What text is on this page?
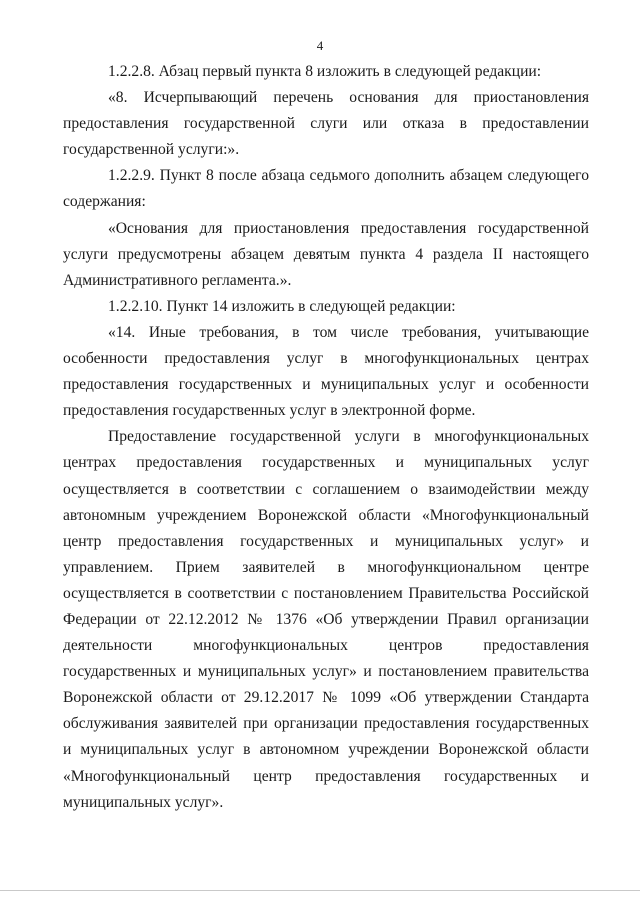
4

1.2.2.8. Абзац первый пункта 8 изложить в следующей редакции:

«8. Исчерпывающий перечень основания для приостановления предоставления государственной слуги или отказа в предоставлении государственной услуги:».

1.2.2.9. Пункт 8 после абзаца седьмого дополнить абзацем следующего содержания:

«Основания для приостановления предоставления государственной услуги предусмотрены абзацем девятым пункта 4 раздела II настоящего Административного регламента.».

1.2.2.10. Пункт 14 изложить в следующей редакции:

«14. Иные требования, в том числе требования, учитывающие особенности предоставления услуг в многофункциональных центрах предоставления государственных и муниципальных услуг и особенности предоставления государственных услуг в электронной форме.

Предоставление государственной услуги в многофункциональных центрах предоставления государственных и муниципальных услуг осуществляется в соответствии с соглашением о взаимодействии между автономным учреждением Воронежской области «Многофункциональный центр предоставления государственных и муниципальных услуг» и управлением. Прием заявителей в многофункциональном центре осуществляется в соответствии с постановлением Правительства Российской Федерации от 22.12.2012 № 1376 «Об утверждении Правил организации деятельности многофункциональных центров предоставления государственных и муниципальных услуг» и постановлением правительства Воронежской области от 29.12.2017 № 1099 «Об утверждении Стандарта обслуживания заявителей при организации предоставления государственных и муниципальных услуг в автономном учреждении Воронежской области «Многофункциональный центр предоставления государственных и муниципальных услуг».
